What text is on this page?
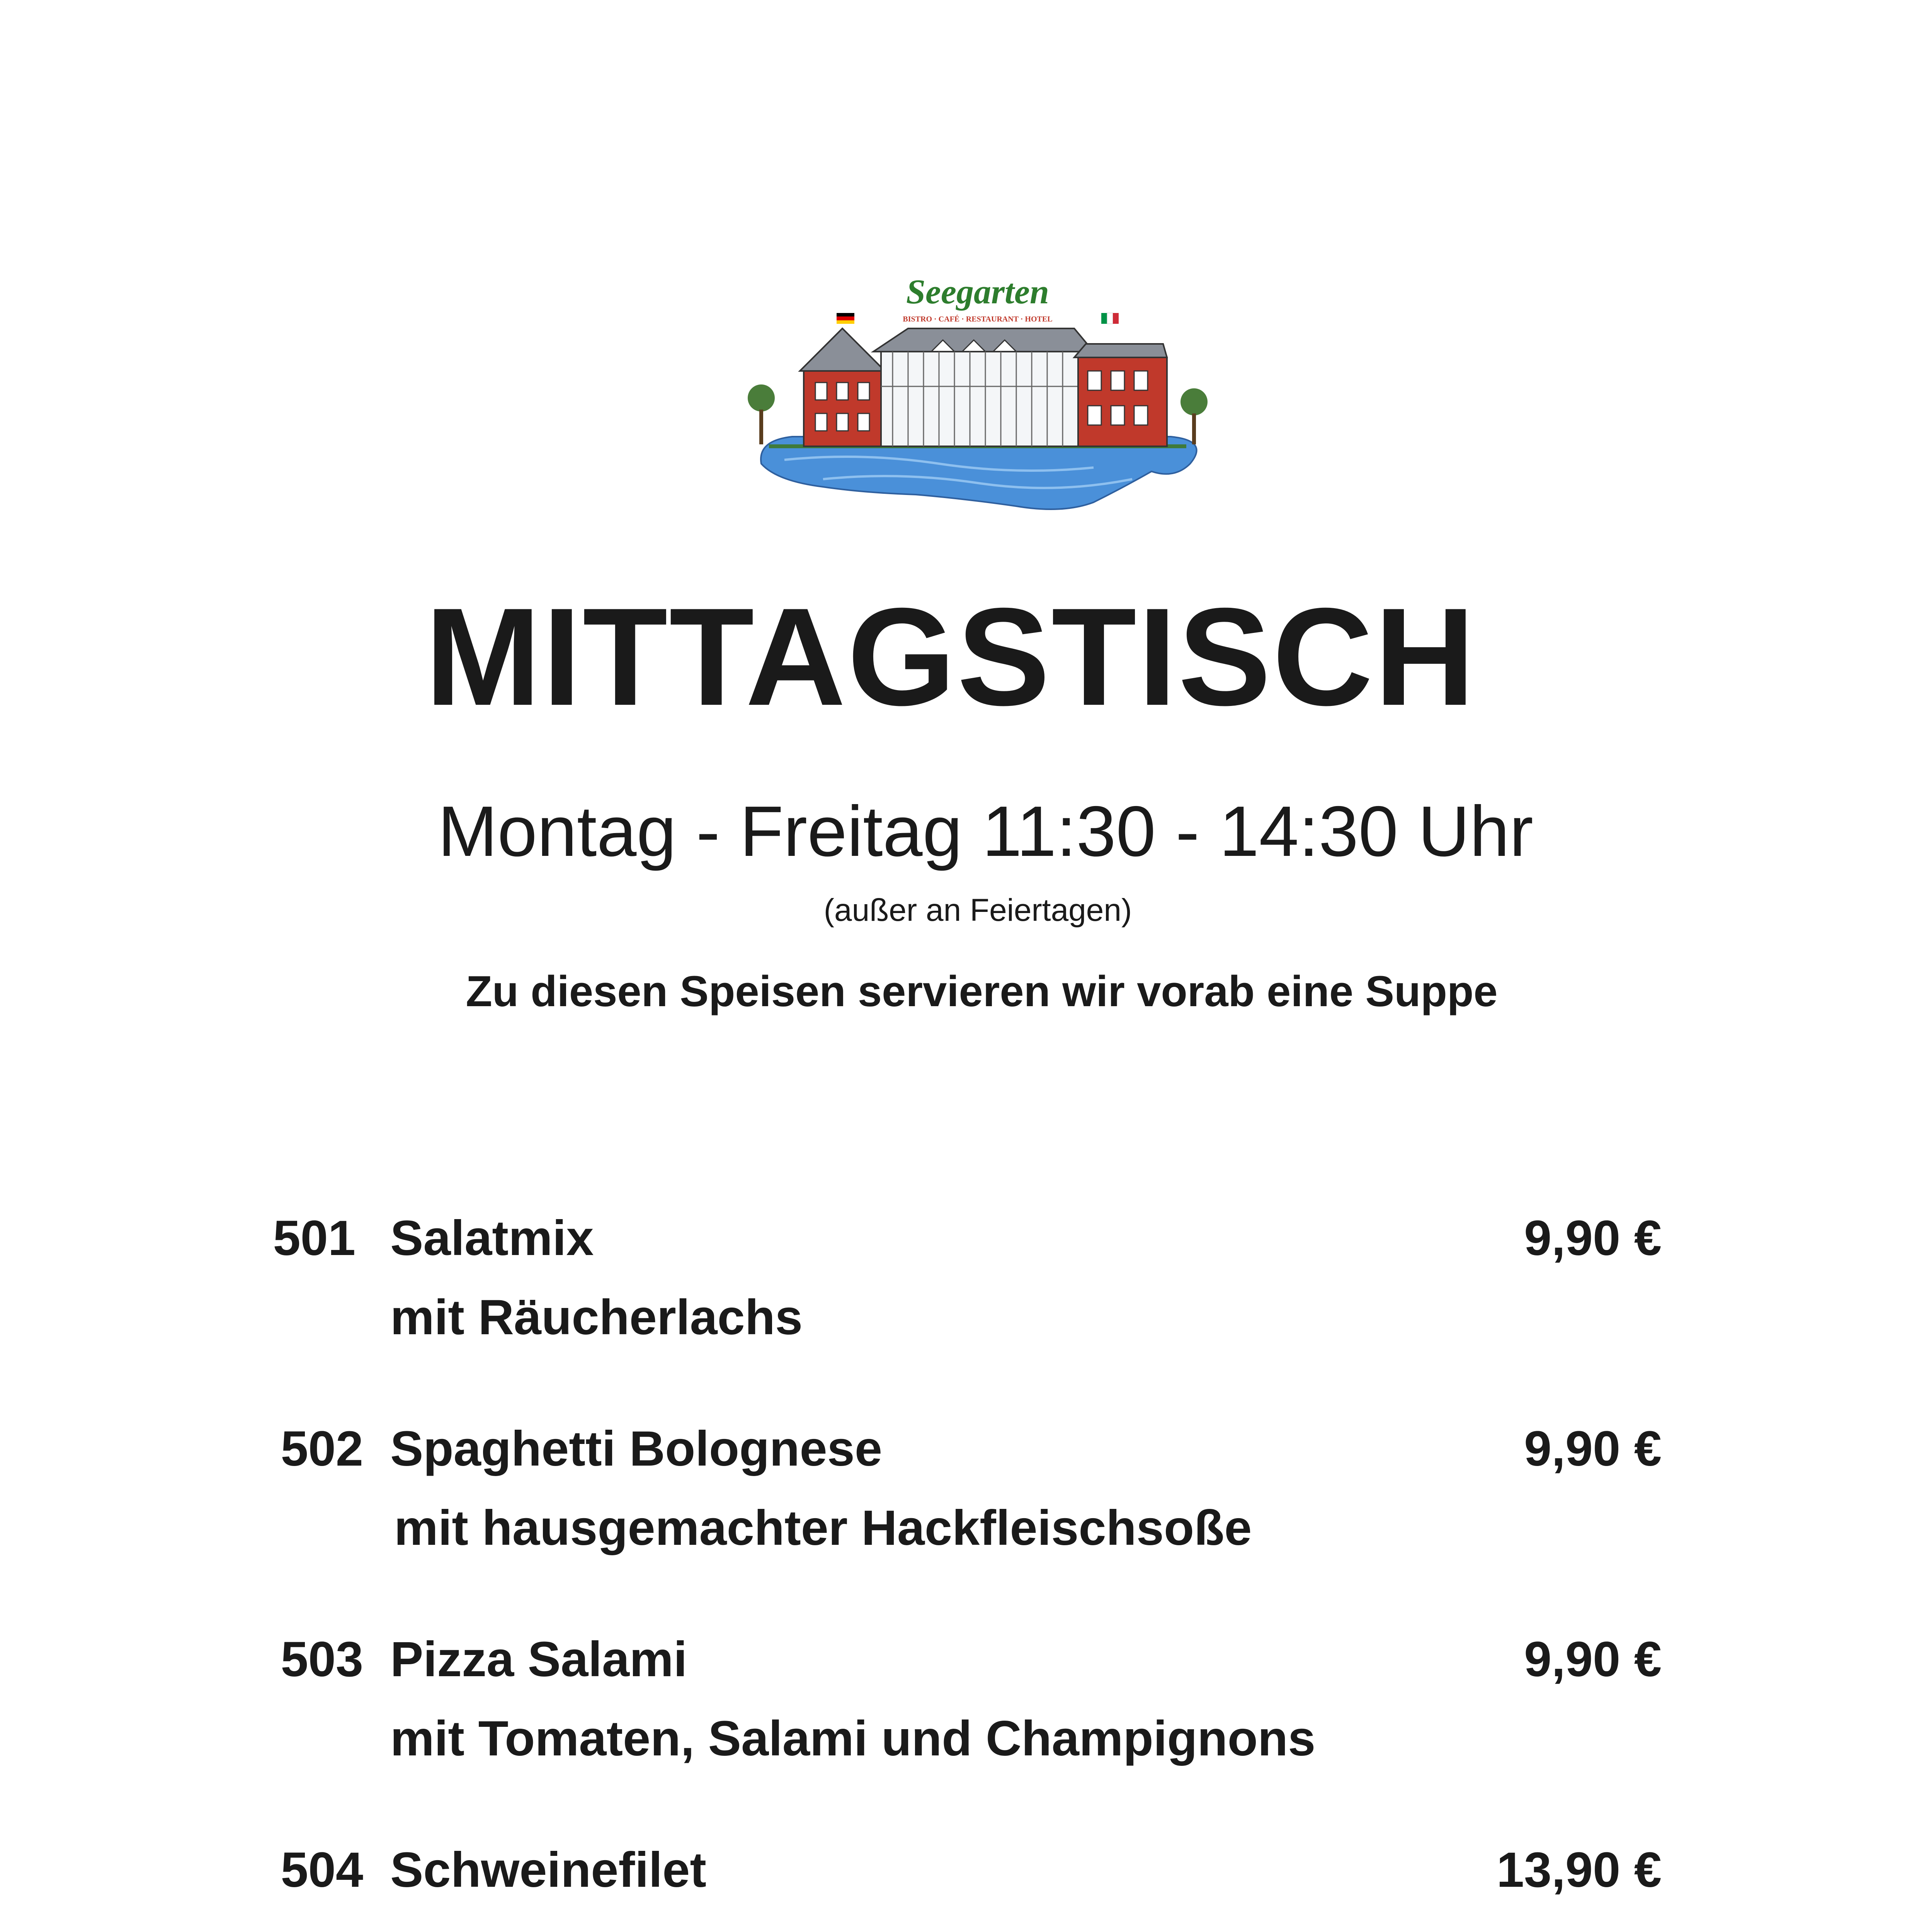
Seegarten
BISTRO · CAFÉ · RESTAURANT · HOTEL
MITTAGSTISCH
Montag - Freitag 11:30 - 14:30 Uhr
(außer an Feiertagen)
Zu diesen Speisen servieren wir vorab eine Suppe
501 Salatmix	9,90 €
mit Räucherlachs
502 Spaghetti Bolognese	9,90 €
mit hausgemachter Hackfleischsoße
503 Pizza Salami	9,90 €
mit Tomaten, Salami und Champignons
504 Schweinefilet	13,90 €
